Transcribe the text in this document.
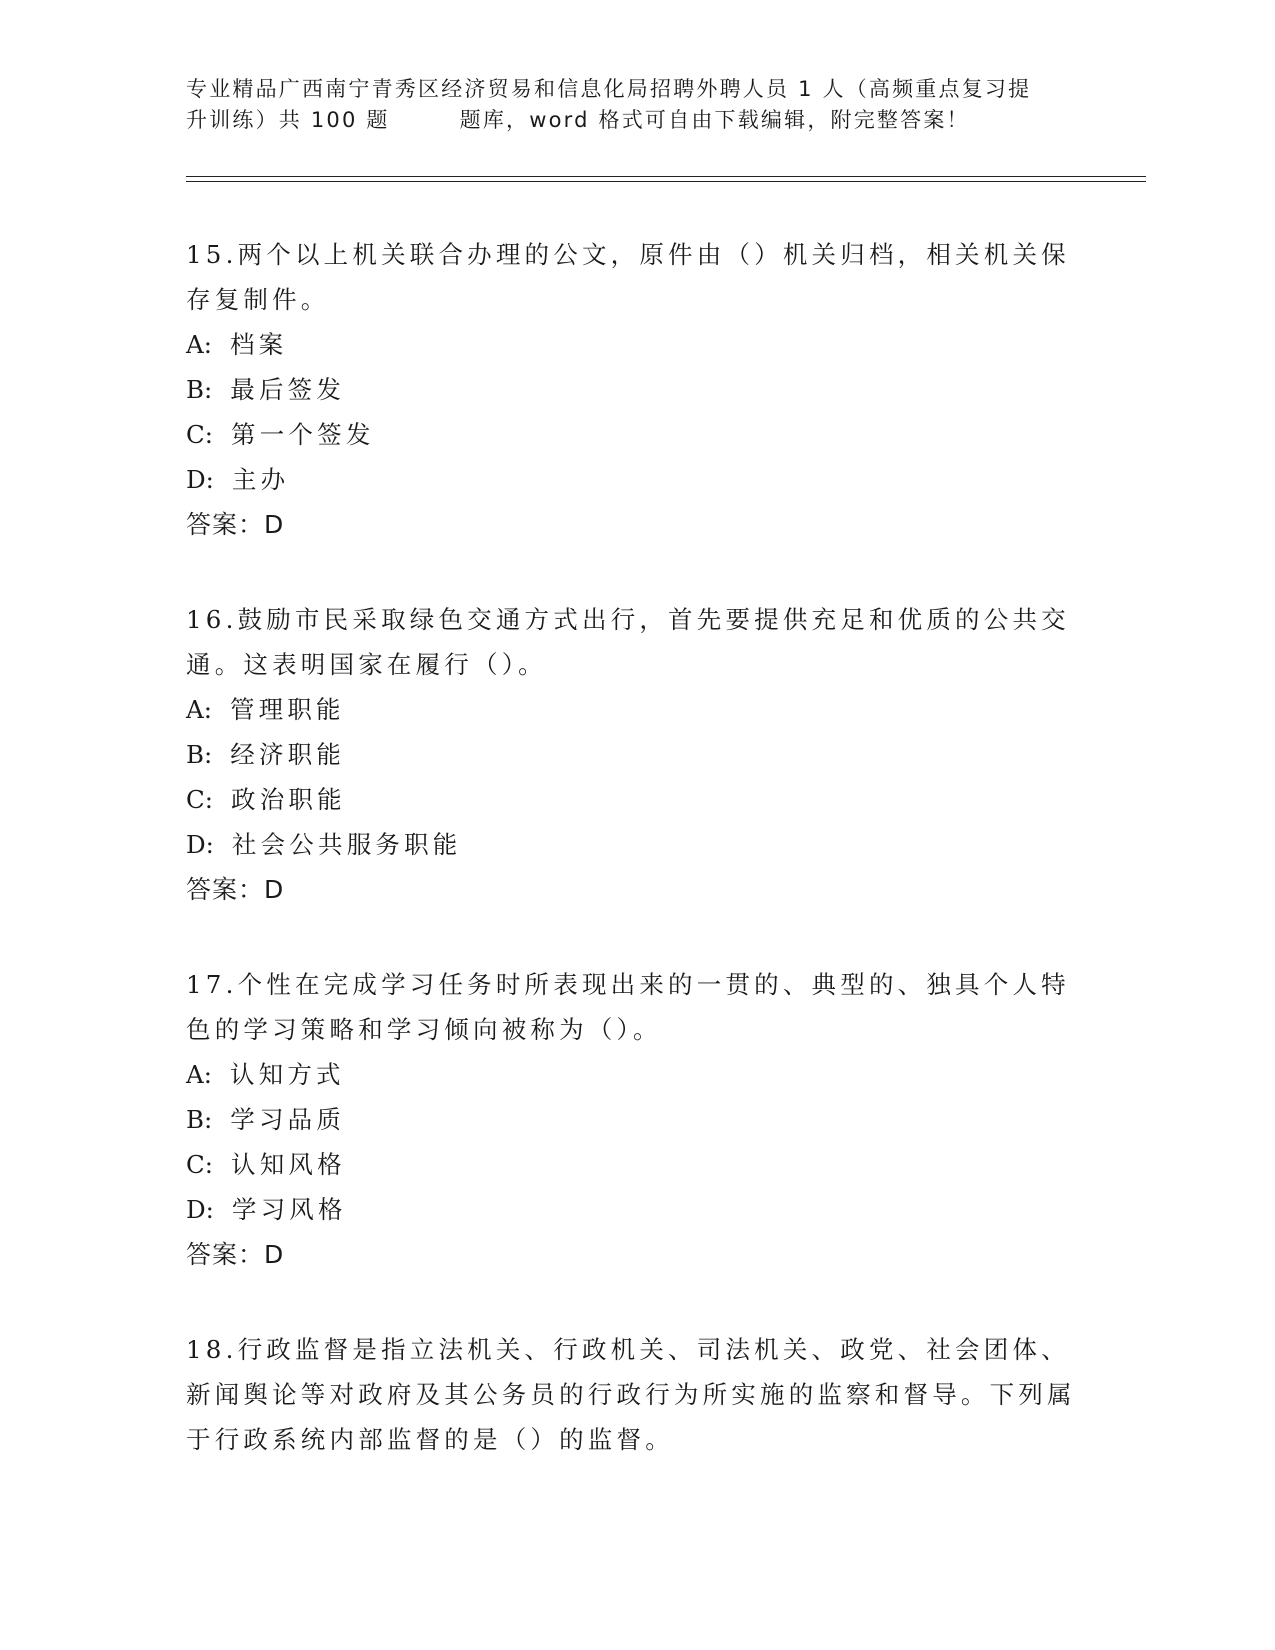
专业精品广西南宁青秀区经济贸易和信息化局招聘外聘人员 1 人（高频重点复习提
升训练）共 100 题	题库，word 格式可自由下载编辑，附完整答案！

15.两个以上机关联合办理的公文，原件由（）机关归档，相关机关保存复制件。

A: 档案

B: 最后签发

C: 第一个签发

D: 主办

答案：D

16.鼓励市民采取绿色交通方式出行，首先要提供充足和优质的公共交通。这表明国家在履行（）。

A: 管理职能

B: 经济职能

C: 政治职能

D: 社会公共服务职能

答案：D

17.个性在完成学习任务时所表现出来的一贯的、典型的、独具个人特色的学习策略和学习倾向被称为（）。

A: 认知方式

B: 学习品质

C: 认知风格

D: 学习风格

答案：D

18.行政监督是指立法机关、行政机关、司法机关、政党、社会团体、新闻舆论等对政府及其公务员的行政行为所实施的监察和督导。下列属于行政系统内部监督的是（）的监督。
